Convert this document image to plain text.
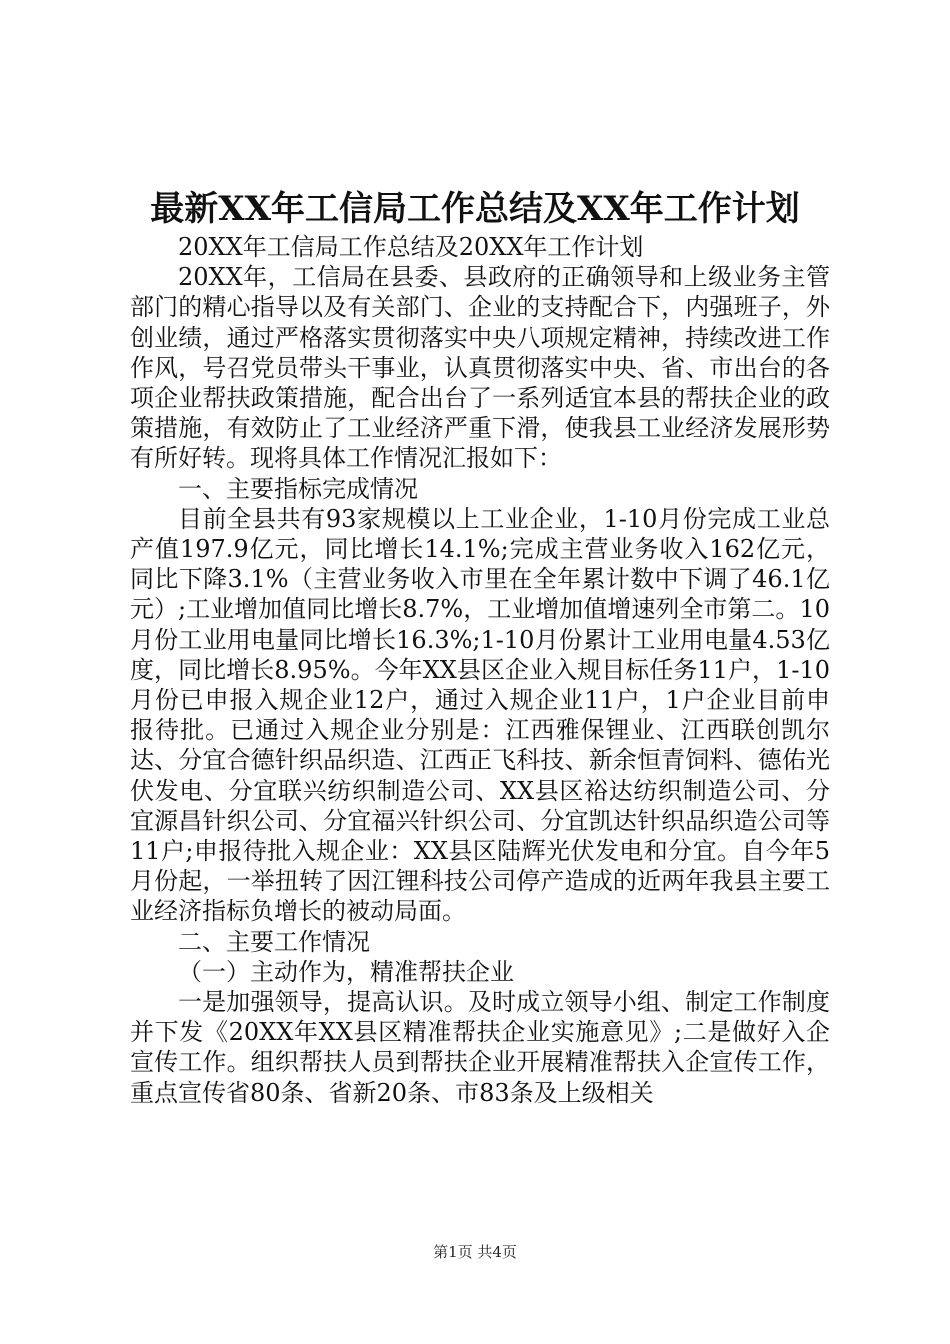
最新XX年工信局工作总结及XX年工作计划

20XX年工信局工作总结及20XX年工作计划

20XX年，工信局在县委、县政府的正确领导和上级业务主管部门的精心指导以及有关部门、企业的支持配合下，内强班子，外创业绩，通过严格落实贯彻落实中央八项规定精神，持续改进工作作风，号召党员带头干事业，认真贯彻落实中央、省、市出台的各项企业帮扶政策措施，配合出台了一系列适宜本县的帮扶企业的政策措施，有效防止了工业经济严重下滑，使我县工业经济发展形势有所好转。现将具体工作情况汇报如下：

一、主要指标完成情况

目前全县共有93家规模以上工业企业，1-10月份完成工业总产值197.9亿元，同比增长14.1%;完成主营业务收入162亿元，同比下降3.1%（主营业务收入市里在全年累计数中下调了46.1亿元）;工业增加值同比增长8.7%，工业增加值增速列全市第二。10月份工业用电量同比增长16.3%;1-10月份累计工业用电量4.53亿度，同比增长8.95%。今年XX县区企业入规目标任务11户，1-10月份已申报入规企业12户，通过入规企业11户，1户企业目前申报待批。已通过入规企业分别是：江西雅保锂业、江西联创凯尔达、分宜合德针织品织造、江西正飞科技、新余恒青饲料、德佑光伏发电、分宜联兴纺织制造公司、XX县区裕达纺织制造公司、分宜源昌针织公司、分宜福兴针织公司、分宜凯达针织品织造公司等11户;申报待批入规企业：XX县区陆辉光伏发电和分宜。自今年5月份起，一举扭转了因江锂科技公司停产造成的近两年我县主要工业经济指标负增长的被动局面。

二、主要工作情况

（一）主动作为，精准帮扶企业

一是加强领导，提高认识。及时成立领导小组、制定工作制度并下发《20XX年XX县区精准帮扶企业实施意见》;二是做好入企宣传工作。组织帮扶人员到帮扶企业开展精准帮扶入企宣传工作，重点宣传省80条、省新20条、市83条及上级相关

第1页 共4页
